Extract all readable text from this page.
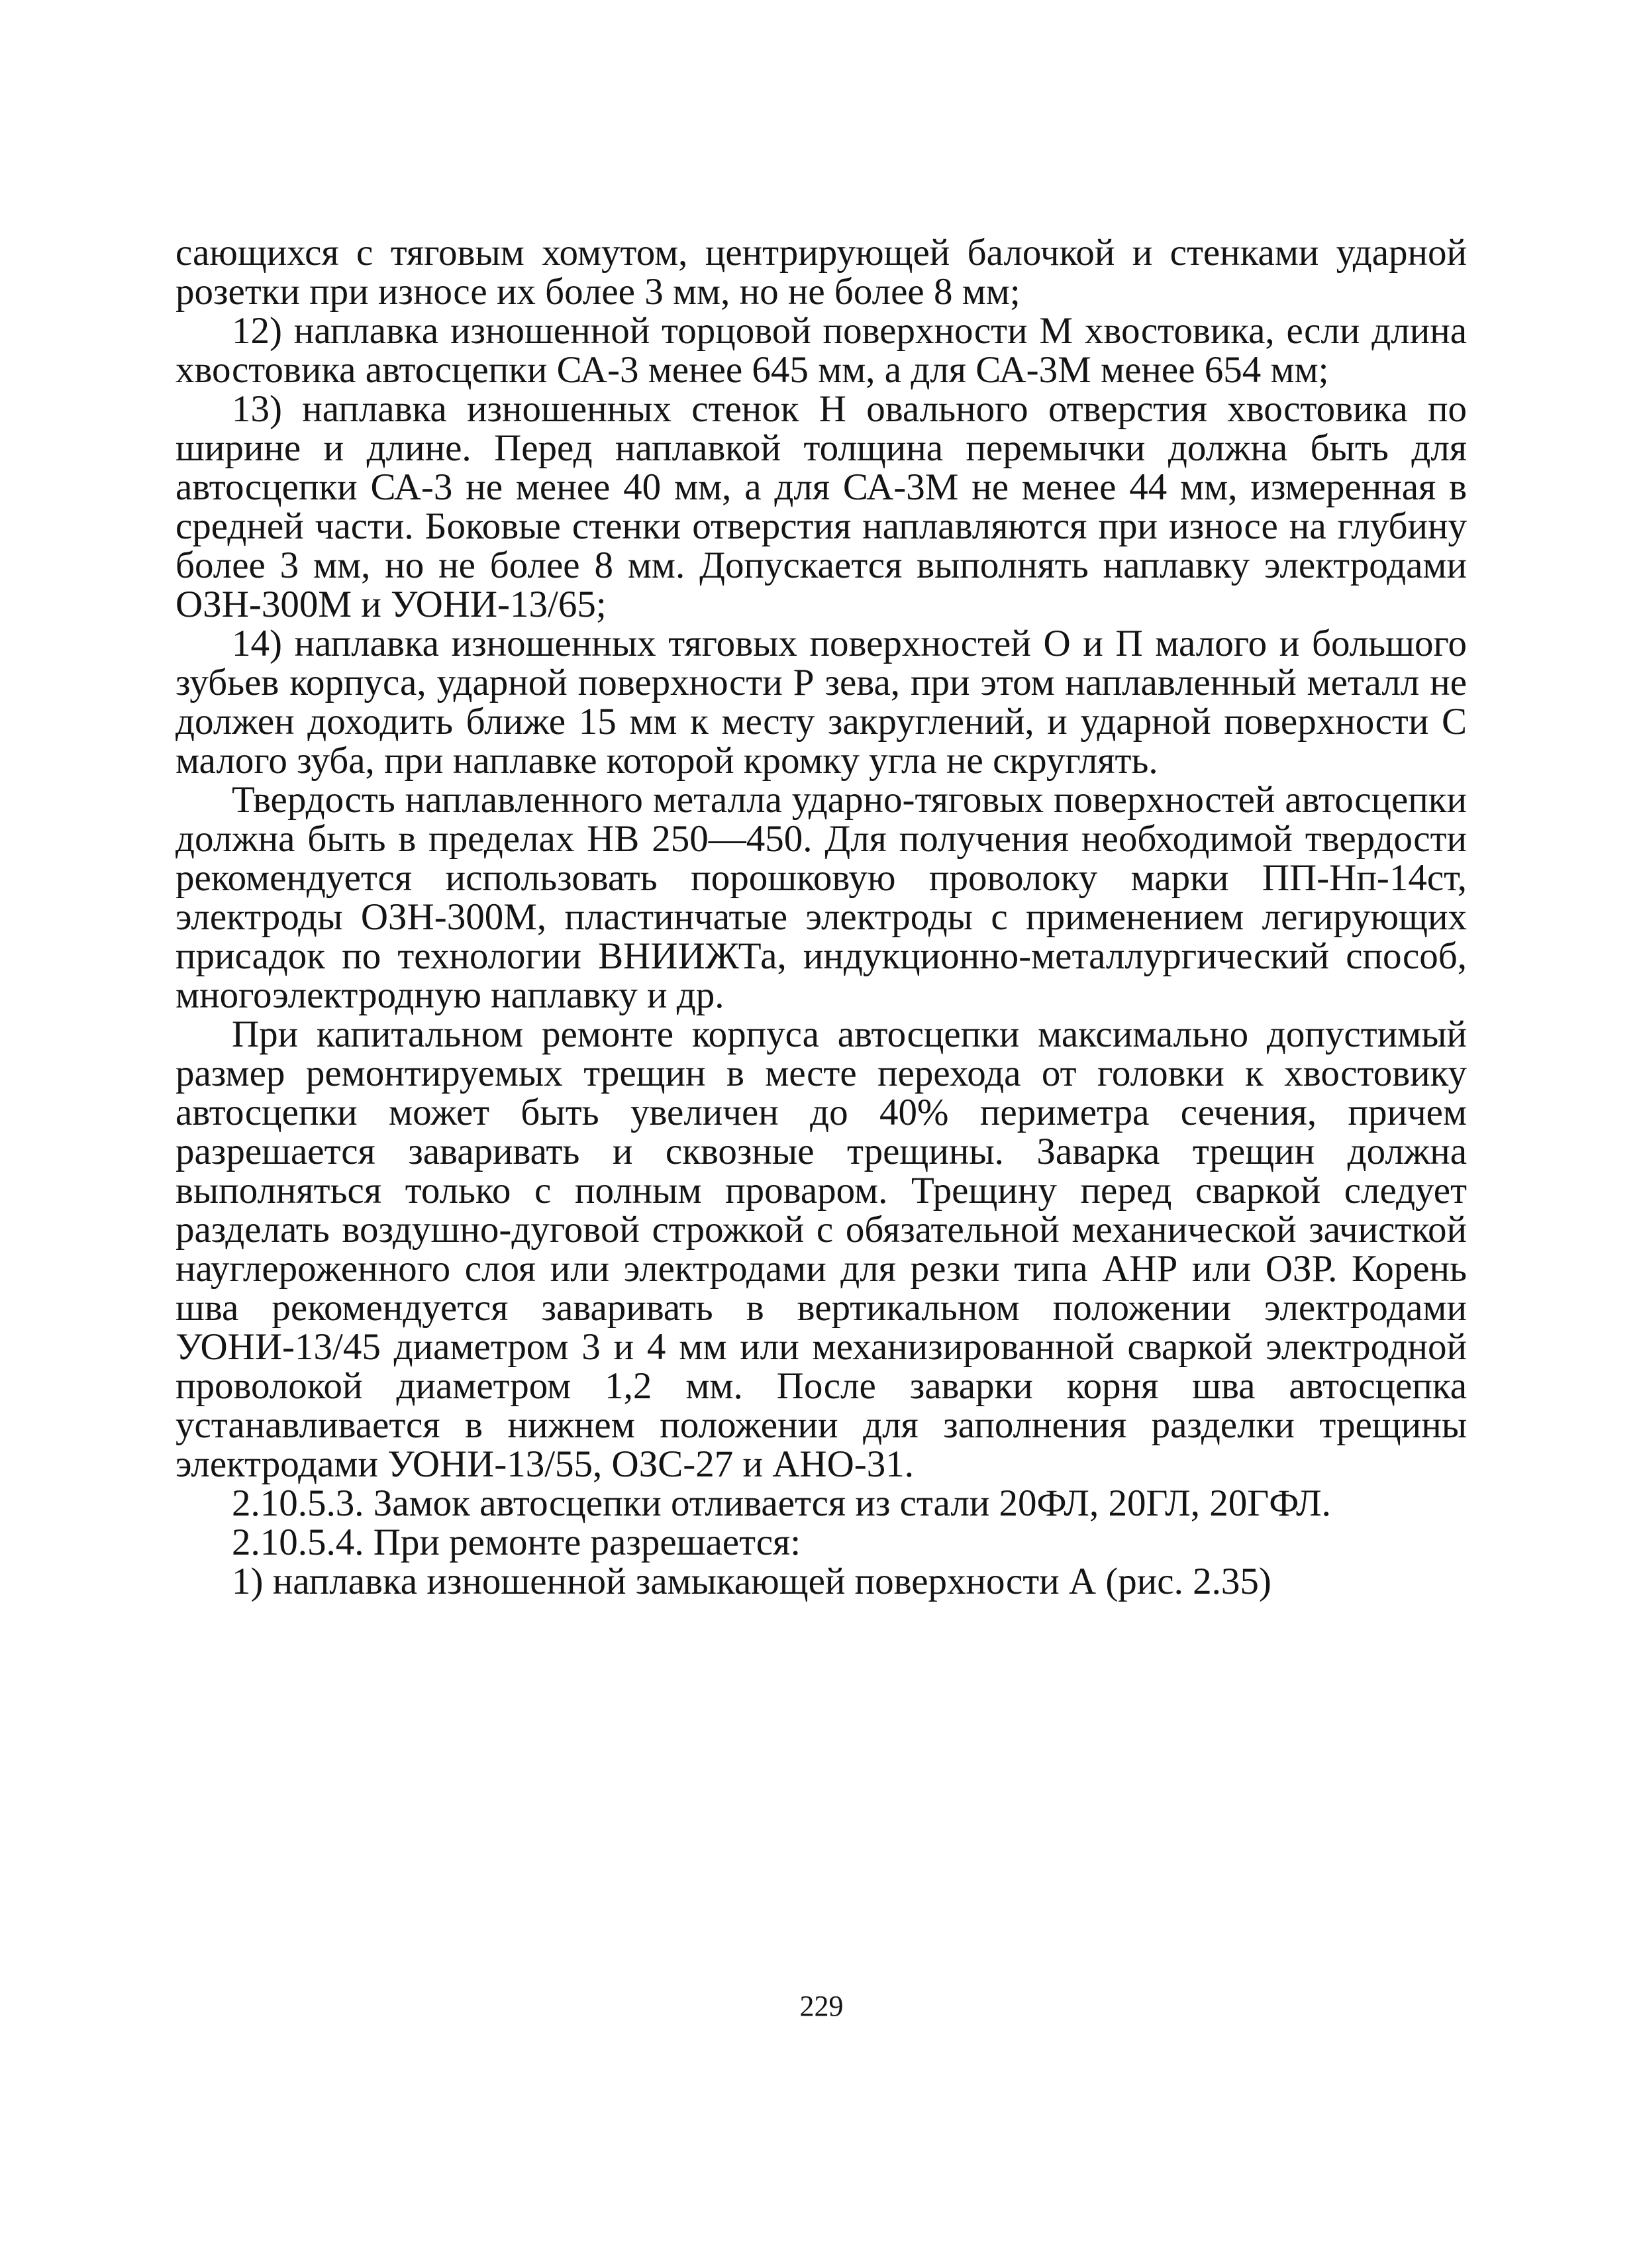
сающихся с тяговым хомутом, центрирующей балочкой и стенками ударной розетки при износе их более 3 мм, но не более 8 мм;

12) наплавка изношенной торцовой поверхности М хвостовика, если длина хвостовика автосцепки СА-3 менее 645 мм, а для СА-3М менее 654 мм;

13) наплавка изношенных стенок Н овального отверстия хвостовика по ширине и длине. Перед наплавкой толщина перемычки должна быть для автосцепки СА-3 не менее 40 мм, а для СА-3М не менее 44 мм, измеренная в средней части. Боковые стенки отверстия наплавляются при износе на глубину более 3 мм, но не более 8 мм. Допускается выполнять наплавку электродами ОЗН-300М и УОНИ-13/65;

14) наплавка изношенных тяговых поверхностей О и П малого и большого зубьев корпуса, ударной поверхности Р зева, при этом наплавленный металл не должен доходить ближе 15 мм к месту закруглений, и ударной поверхности С малого зуба, при наплавке которой кромку угла не скруглять.

Твердость наплавленного металла ударно-тяговых поверхностей автосцепки должна быть в пределах НВ 250—450. Для получения необходимой твердости рекомендуется использовать порошковую проволоку марки ПП-Нп-14ст, электроды ОЗН-300М, пластинчатые электроды с применением легирующих присадок по технологии ВНИИЖТа, индукционно-металлургический способ, многоэлектродную наплавку и др.

При капитальном ремонте корпуса автосцепки максимально допустимый размер ремонтируемых трещин в месте перехода от головки к хвостовику автосцепки может быть увеличен до 40% периметра сечения, причем разрешается заваривать и сквозные трещины. Заварка трещин должна выполняться только с полным проваром. Трещину перед сваркой следует разделать воздушно-дуговой строжкой с обязательной механической зачисткой науглероженного слоя или электродами для резки типа АНР или ОЗР. Корень шва рекомендуется заваривать в вертикальном положении электродами УОНИ-13/45 диаметром 3 и 4 мм или механизированной сваркой электродной проволокой диаметром 1,2 мм. После заварки корня шва автосцепка устанавливается в нижнем положении для заполнения разделки трещины электродами УОНИ-13/55, ОЗС-27 и АНО-31.

2.10.5.3. Замок автосцепки отливается из стали 20ФЛ, 20ГЛ, 20ГФЛ.

2.10.5.4. При ремонте разрешается:

1) наплавка изношенной замыкающей поверхности А (рис. 2.35)

229
